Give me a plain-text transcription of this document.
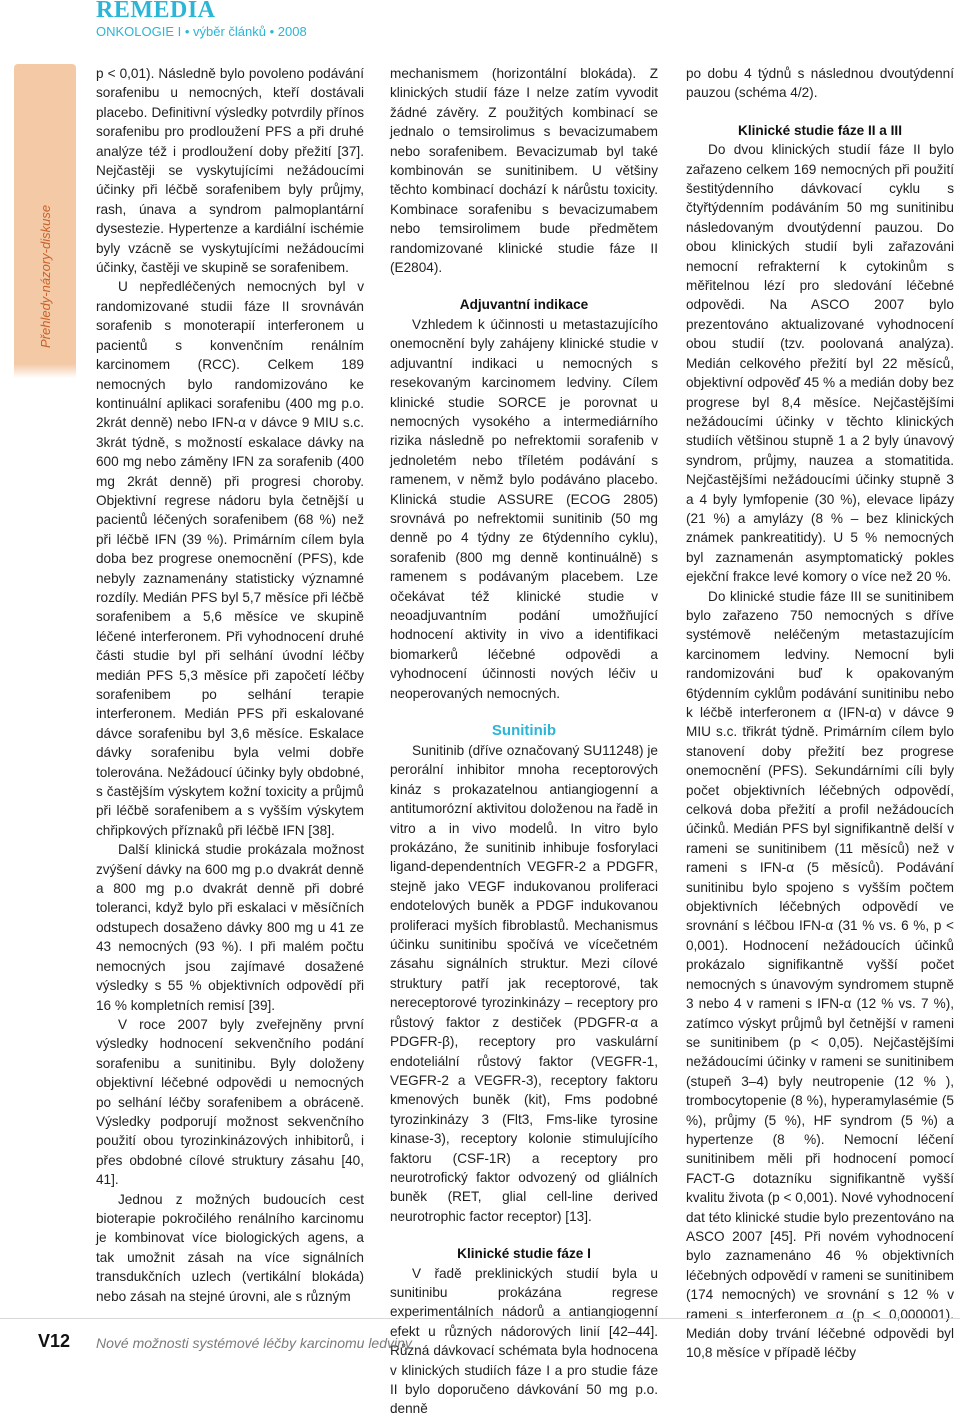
REMEDIA
ONKOLOGIE I • výběr článků • 2008
Přehledy-názory-diskuse

p < 0,01). Následně bylo povoleno podávání sorafenibu u nemocných, kteří dostávali placebo. Definitivní výsledky potvrdily přínos sorafenibu pro prodloužení PFS a při druhé analýze též i prodloužení doby přežití [37]. Nejčastěji se vyskytujícími nežádoucími účinky při léčbě sorafenibem byly průjmy, rash, únava a syndrom palmoplantární dysestezie. Hypertenze a kardiální ischémie byly vzácně se vyskytujícími nežádoucími účinky, častěji ve skupině se sorafenibem.

U nepředléčených nemocných byl v randomizované studii fáze II srovnáván sorafenib s monoterapií interferonem u pacientů s konvenčním renálním karcinomem (RCC). Celkem 189 nemocných bylo randomizováno ke kontinuální aplikaci sorafenibu (400 mg p.o. 2krát denně) nebo IFN-α v dávce 9 MIU s.c. 3krát týdně, s možností eskalace dávky na 600 mg nebo záměny IFN za sorafenib (400 mg 2krát denně) při progresi choroby. Objektivní regrese nádoru byla četnější u pacientů léčených sorafenibem (68 %) než při léčbě IFN (39 %). Primárním cílem byla doba bez progrese onemocnění (PFS), kde nebyly zaznamenány statisticky významné rozdíly. Medián PFS byl 5,7 měsíce při léčbě sorafenibem a 5,6 měsíce ve skupině léčené interferonem. Při vyhodnocení druhé části studie byl při selhání úvodní léčby medián PFS 5,3 měsíce při započetí léčby sorafenibem po selhání terapie interferonem. Medián PFS při eskalované dávce sorafenibu byl 3,6 měsíce. Eskalace dávky sorafenibu byla velmi dobře tolerována. Nežádoucí účinky byly obdobné, s častějším výskytem kožní toxicity a průjmů při léčbě sorafenibem a s vyšším výskytem chřipkových příznaků při léčbě IFN [38].

Další klinická studie prokázala možnost zvýšení dávky na 600 mg p.o dvakrát denně a 800 mg p.o dvakrát denně při dobré toleranci, když bylo při eskalaci v měsíčních odstupech dosaženo dávky 800 mg u 41 ze 43 nemocných (93 %). I při malém počtu nemocných jsou zajímavé dosažené výsledky s 55 % objektivních odpovědí při 16 % kompletních remisí [39].

V roce 2007 byly zveřejněny první výsledky hodnocení sekvenčního podání sorafenibu a sunitinibu. Byly doloženy objektivní léčebné odpovědi u nemocných po selhání léčby sorafenibem a obráceně. Výsledky podporují možnost sekvenčního použití obou tyrozinkinázových inhibitorů, i přes obdobné cílové struktury zásahu [40, 41].

Jednou z možných budoucích cest bioterapie pokročilého renálního karcinomu je kombinovat více biologických agens, a tak umožnit zásah na více signálních transdukčních uzlech (vertikální blokáda) nebo zásah na stejné úrovni, ale s různým

mechanismem (horizontální blokáda). Z klinických studií fáze I nelze zatím vyvodit žádné závěry. Z použitých kombinací se jednalo o temsirolimus s bevacizumabem nebo sorafenibem. Bevacizumab byl také kombinován se sunitinibem. U většiny těchto kombinací dochází k nárůstu toxicity. Kombinace sorafenibu s bevacizumabem nebo temsirolimem bude předmětem randomizované klinické studie fáze II (E2804).

Adjuvantní indikace

Vzhledem k účinnosti u metastazujícího onemocnění byly zahájeny klinické studie v adjuvantní indikaci u nemocných s resekovaným karcinomem ledviny. Cílem klinické studie SORCE je porovnat u nemocných vysokého a intermediárního rizika následně po nefrektomii sorafenib v jednoletém nebo tříletém podávání s ramenem, v němž bylo podáváno placebo. Klinická studie ASSURE (ECOG 2805) srovnává po nefrektomii sunitinib (50 mg denně po 4 týdny ze 6týdenního cyklu), sorafenib (800 mg denně kontinuálně) s ramenem s podávaným placebem. Lze očekávat též klinické studie v neoadjuvantním podání umožňující hodnocení aktivity in vivo a identifikaci biomarkerů léčebné odpovědi a vyhodnocení účinnosti nových léčiv u neoperovaných nemocných.

Sunitinib

Sunitinib (dříve označovaný SU11248) je perorální inhibitor mnoha receptorových kináz s prokazatelnou antiangiogenní a antitumorózní aktivitou doloženou na řadě in vitro a in vivo modelů. In vitro bylo prokázáno, že sunitinib inhibuje fosforylaci ligand-dependentních VEGFR-2 a PDGFR, stejně jako VEGF indukovanou proliferaci endotelových buněk a PDGF indukovanou proliferaci myších fibroblastů. Mechanismus účinku sunitinibu spočívá ve vícečetném zásahu signálních struktur. Mezi cílové struktury patří jak receptorové, tak nereceptorové tyrozinkinázy – receptory pro růstový faktor z destiček (PDGFR-α a PDGFR-β), receptory pro vaskulární endoteliální růstový faktor (VEGFR-1, VEGFR-2 a VEGFR-3), receptory faktoru kmenových buněk (kit), Fms podobné tyrozinkinázy 3 (Flt3, Fms-like tyrosine kinase-3), receptory kolonie stimulujícího faktoru (CSF-1R) a receptory pro neurotrofický faktor odvozený od gliálních buněk (RET, glial cell-line derived neurotrophic factor receptor) [13].

Klinické studie fáze I

V řadě preklinických studií byla u sunitinibu prokázána regrese experimentálních nádorů a antiangiogenní efekt u různých nádorových linií [42–44]. Různá dávkovací schémata byla hodnocena v klinických studiích fáze I a pro studie fáze II bylo doporučeno dávkování 50 mg p.o. denně

po dobu 4 týdnů s následnou dvoutýdenní pauzou (schéma 4/2).

Klinické studie fáze II a III

Do dvou klinických studií fáze II bylo zařazeno celkem 169 nemocných při použití šestitýdenního dávkovací cyklu s čtyřtýdenním podáváním 50 mg sunitinibu následovaným dvoutýdenní pauzou. Do obou klinických studií byli zařazováni nemocní refrakterní k cytokinům s měřitelnou lézí pro sledování léčebné odpovědi. Na ASCO 2007 bylo prezentováno aktualizované vyhodnocení obou studií (tzv. poolovaná analýza). Medián celkového přežití byl 22 měsíců, objektivní odpověď 45 % a medián doby bez progrese byl 8,4 měsíce. Nejčastějšími nežádoucími účinky v těchto klinických studiích většinou stupně 1 a 2 byly únavový syndrom, průjmy, nauzea a stomatitida. Nejčastějšími nežádoucími účinky stupně 3 a 4 byly lymfopenie (30 %), elevace lipázy (21 %) a amylázy (8 % – bez klinických známek pankreatitidy). U 5 % nemocných byl zaznamenán asymptomatický pokles ejekční frakce levé komory o více než 20 %.

Do klinické studie fáze III se sunitinibem bylo zařazeno 750 nemocných s dříve systémově neléčeným metastazujícím karcinomem ledviny. Nemocní byli randomizováni buď k opakovaným 6týdenním cyklům podávání sunitinibu nebo k léčbě interferonem α (IFN-α) v dávce 9 MIU s.c. třikrát týdně. Primárním cílem bylo stanovení doby přežití bez progrese onemocnění (PFS). Sekundárními cíli byly počet objektivních léčebných odpovědí, celková doba přežití a profil nežádoucích účinků. Medián PFS byl signifikantně delší v rameni se sunitinibem (11 měsíců) než v rameni s IFN-α (5 měsíců). Podávání sunitinibu bylo spojeno s vyšším počtem objektivních léčebných odpovědí ve srovnání s léčbou IFN-α (31 % vs. 6 %, p < 0,001). Hodnocení nežádoucích účinků prokázalo signifikantně vyšší počet nemocných s únavovým syndromem stupně 3 nebo 4 v rameni s IFN-α (12 % vs. 7 %), zatímco výskyt průjmů byl četnější v rameni se sunitinibem (p < 0,05). Nejčastějšími nežádoucími účinky v rameni se sunitinibem (stupeň 3–4) byly neutropenie (12 % ), trombocytopenie (8 %), hyperamylasémie (5 %), průjmy (5 %), HF syndrom (5 %) a hypertenze (8 %). Nemocní léčení sunitinibem měli při hodnocení pomocí FACT-G dotazníku signifikantně vyšší kvalitu života (p < 0,001). Nové vyhodnocení dat této klinické studie bylo prezentováno na ASCO 2007 [45]. Při novém vyhodnocení bylo zaznamenáno 46 % objektivních léčebných odpovědí v rameni se sunitinibem (174 nemocných) ve srovnání s 12 % v rameni s interferonem α (p < 0,000001). Medián doby trvání léčebné odpovědi byl 10,8 měsíce v případě léčby

V12 Nové možnosti systémové léčby karcinomu ledviny
